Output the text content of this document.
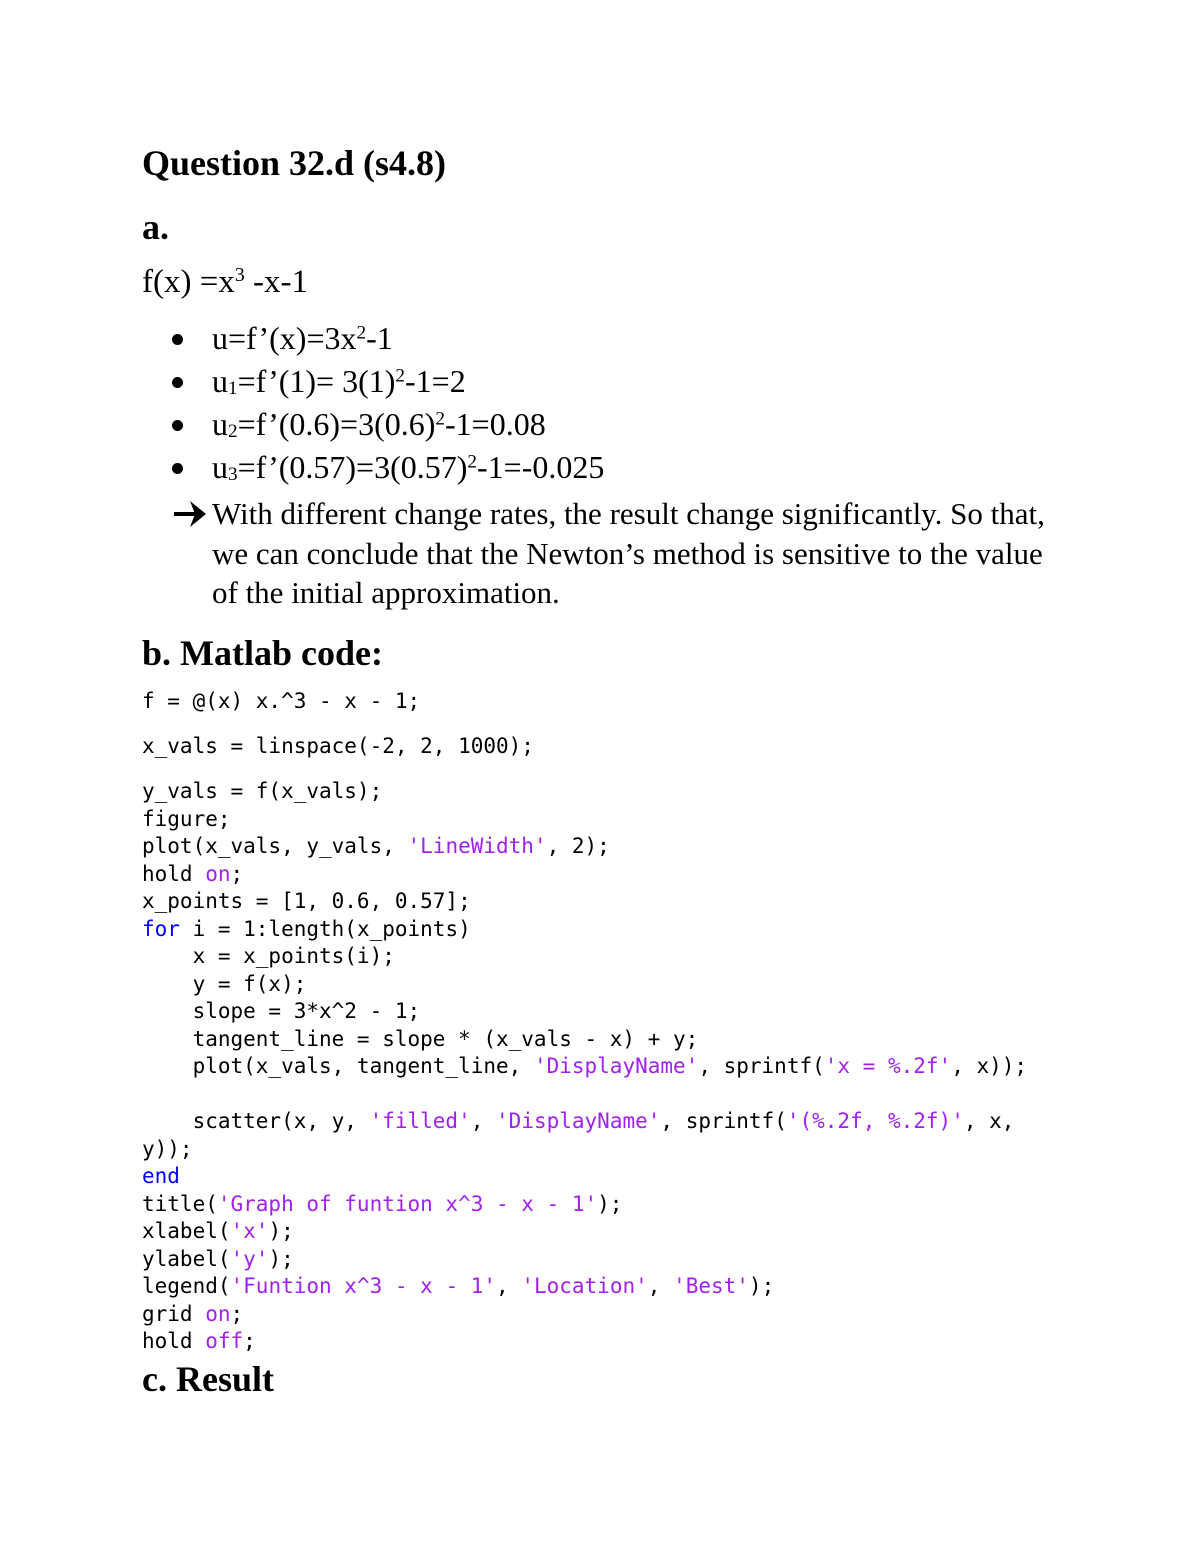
Question 32.d (s4.8)
a.
$f(x) =x^3$ -x-1
$u=f’(x)=3x^2-1$
$u_1=f’(1)= 3(1)^2-1=2$
$u_2=f’(0.6)=3(0.6)^2-1=0.08$
$u_3=f’(0.57)=3(0.57)^2-1=-0.025$
With different change rates, the result change significantly. So that, we can conclude that the Newton’s method is sensitive to the value of the initial approximation.
b. Matlab code:
f = @(x) x.^3 - x - 1;
x_vals = linspace(-2, 2, 1000);
y_vals = f(x_vals);
figure;
plot(x_vals, y_vals, 'LineWidth', 2);
hold on;
x_points = [1, 0.6, 0.57];
for i = 1:length(x_points)
x = x_points(i);
y = f(x);
slope = 3*x^2 - 1;
tangent_line = slope * (x_vals - x) + y;
plot(x_vals, tangent_line, 'DisplayName', sprintf('x = %.2f', x));
scatter(x, y, 'filled', 'DisplayName', sprintf('(%.2f, %.2f)', x,
y));
end
title('Graph of funtion x^3 - x - 1');
xlabel('x');
ylabel('y');
legend('Funtion x^3 - x - 1', 'Location', 'Best');
grid on;
hold off;
c. Result
